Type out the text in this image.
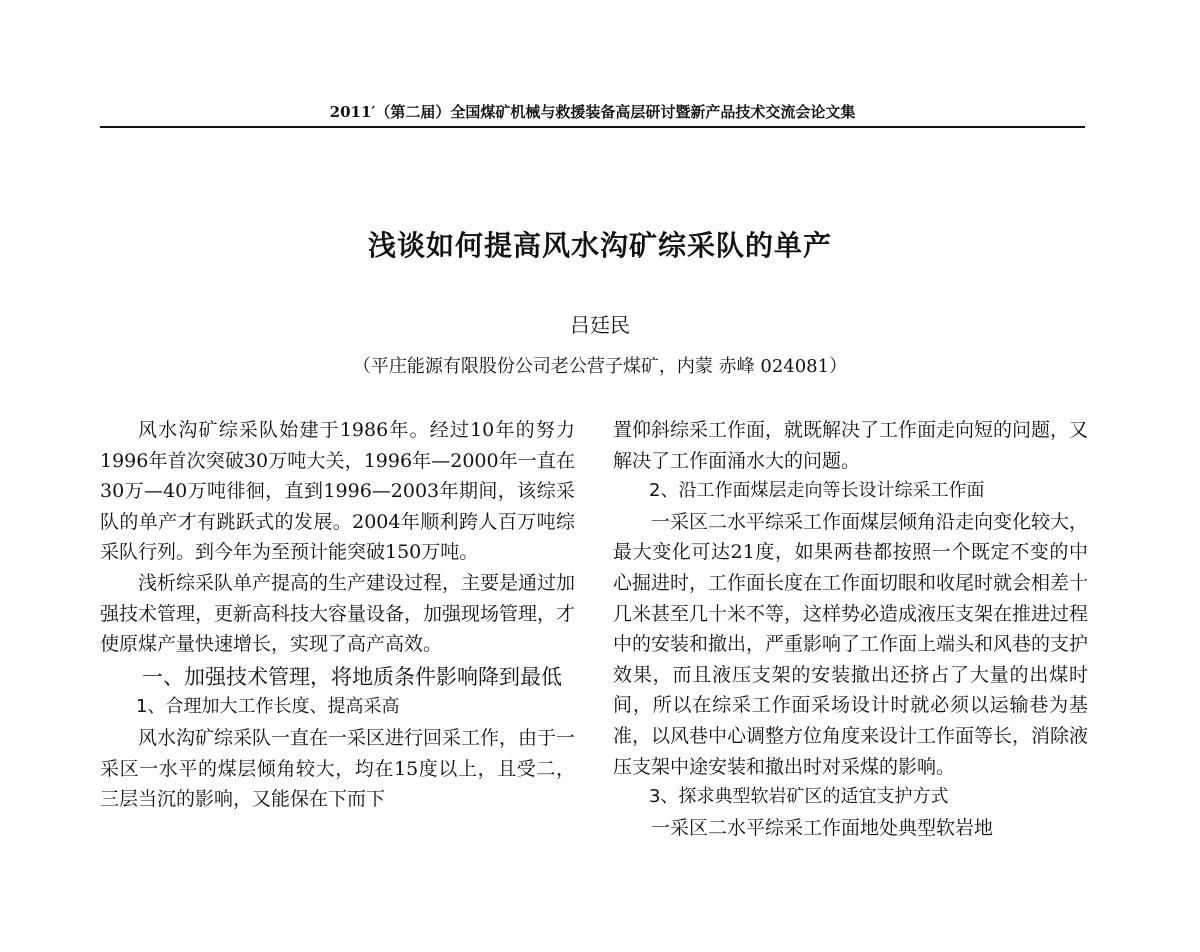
2011′（第二届）全国煤矿机械与救援装备高层研讨暨新产品技术交流会论文集
浅谈如何提高风水沟矿综采队的单产
吕廷民
（平庄能源有限股份公司老公营子煤矿，内蒙 赤峰 024081）

风水沟矿综采队始建于1986年。经过10年的努力1996年首次突破30万吨大关，1996年—2000年一直在30万—40万吨徘徊，直到1996—2003年期间，该综采队的单产才有跳跃式的发展。2004年顺利跨人百万吨综采队行列。到今年为至预计能突破150万吨。

浅析综采队单产提高的生产建设过程，主要是通过加强技术管理，更新高科技大容量设备，加强现场管理，才使原煤产量快速增长，实现了高产高效。

一、加强技术管理，将地质条件影响降到最低

1、合理加大工作长度、提高采高

风水沟矿综采队一直在一采区进行回采工作，由于一采区一水平的煤层倾角较大，均在15度以上，且受二，三层当沉的影响，又能保在下而下

置仰斜综采工作面，就既解决了工作面走向短的问题，又解决了工作面涌水大的问题。

2、沿工作面煤层走向等长设计综采工作面

一采区二水平综采工作面煤层倾角沿走向变化较大，最大变化可达21度，如果两巷都按照一个既定不变的中心掘进时，工作面长度在工作面切眼和收尾时就会相差十几米甚至几十米不等，这样势必造成液压支架在推进过程中的安装和撤出，严重影响了工作面上端头和风巷的支护效果，而且液压支架的安装撤出还挤占了大量的出煤时间，所以在综采工作面采场设计时就必须以运输巷为基准，以风巷中心调整方位角度来设计工作面等长，消除液压支架中途安装和撤出时对采煤的影响。

3、探求典型软岩矿区的适宜支护方式

一采区二水平综采工作面地处典型软岩地
